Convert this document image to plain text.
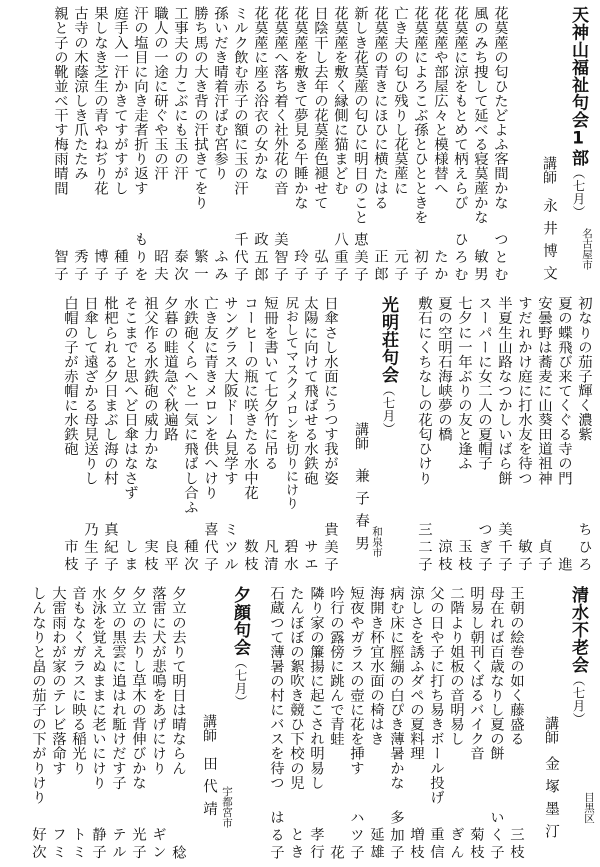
天神山福祉句会1部（七月）
講師
永井博文 名古屋市
花茣蓙の匂ひたどよふ客間かな
つとむ
風のみち捜して延べる寝茣蓙かな
敏男
花茣蓙に涼をもとめて柄えらび
ひろむ
花茣蓙や部屋広々と模様替へ
たか
花茣蓙によろこぶ孫とひとときを
初子
亡き夫の匂ひ残りし花茣蓙に
元子
花茣蓙の青きにほひに横たはる
正郎
新しき花茣蓙の匂ひに明日のこと
恵美子
花茣蓙を敷く縁側に猫まどむ
八重子
日陰干し去年の花茣蓙色褪せて
弘子
花茣蓙を敷きて夢見る午睡かな
玲子
花茣蓙へ落ち着く社外花の音
美智子
花茣蓙に座る浴衣の女かな
政五郎
ミルク飲む赤子の額に玉の汗
千代子
孫いだき晴着汗ばむ宮参り
ふみ
勝ち馬の大き背の汗拭きてをり
繁一
工事夫の力こぶにも玉の汗
泰次
職人の一途に研ぐや玉の汗
昭夫
汗の塩目に向き走者折り返す
もりを
庭手入一汗かきてすがすがし
種子
果しなき芝生の青やねぢり花
博子
古寺の木蔭涼しき爪たたみ
秀子
親と子の靴並べ干す梅雨晴間
智子
初なりの茄子輝く濃紫
ちひろ
夏の蝶飛び来てくぐる寺の門
進
安曇野は蕎麦に山葵田道祖神
貞子
すだれかけ庭に打水友を待つ
敏子
半夏生山路なつかしいばら餅
美千子
スーパーに女二人の夏帽子
つぎ子
七夕に一年ぶりの友と逢ふ
玉枝
夏の空明石海峡夢の橋
涼枝
敷石にくちなしの花匂ひけり
三二子
光明荘句会（七月）
講師
兼子春男 和泉市
日傘さし水面にうつす我が姿
貴美子
太陽に向けて飛ばせる水鉄砲
サエ
尻おしてマスクメロンを切りにけり
碧水
短冊を書いて七夕竹に吊る
凡清
コーヒーの瓶に咲きたる水中花
数枝
サングラス大阪ドーム見学す
ミツル
亡き友に青きメロンを供へけり
喜代子
水鉄砲くらへと一気に飛ばし合ふ
種次
夕暮の畦道急ぐ秋遍路
良平
祖父作る水鉄砲の威力かな
実枝
そこまでと思へど日傘はなさず
しま
枇杷られる夕日まぶし海の村
真紀子
日傘して遠ざかる母見送りし
乃生子
白帽の子が赤帽に水鉄砲
市枝
清水不老会（七月）
講師
金塚墨汀 目黒区
王朝の絵巻の如く藤盛る
三枝
母在れば百歳なりし夏の餅
いく子
明易し朝刊くばるバイク音
菊枝
二階より姐板の音明易し
ぎん
父の日や子に打ち易きボール投げ
重信
涼しさを誘ふダペの夏料理
増枝
病む床に脛繃の白ぴき薄暑かな
多加子
海開き杯宜水面の椅はき
延雄
短夜やガラスの壺に花を挿す
ハツ子
吟行の露傍に跳んで青蛙
花
隣り家の簾揚に起こされ明易し
孝行
たんぼぼの絮吹き競ひ下校の児
とき
石蔵つて薄暑の村にバスを待つ
はる子
夕顔句会（七月）
講師
田代靖 宇都宮市
夕立の去りて明日は晴ならん
稔
落雷に犬が悲鳴をあげにけり
ギン
夕立の去りし草木の背伸びかな
光子
夕立の黒雲に追はれ駈けだす子
テル
水泳を覚えぬままに老いにけり
静子
音もなくガラスに映る稲光り
トミ
大雷雨わが家のテレビ落命す
フミ
しんなりと畠の茄子の下がりけり
好次
